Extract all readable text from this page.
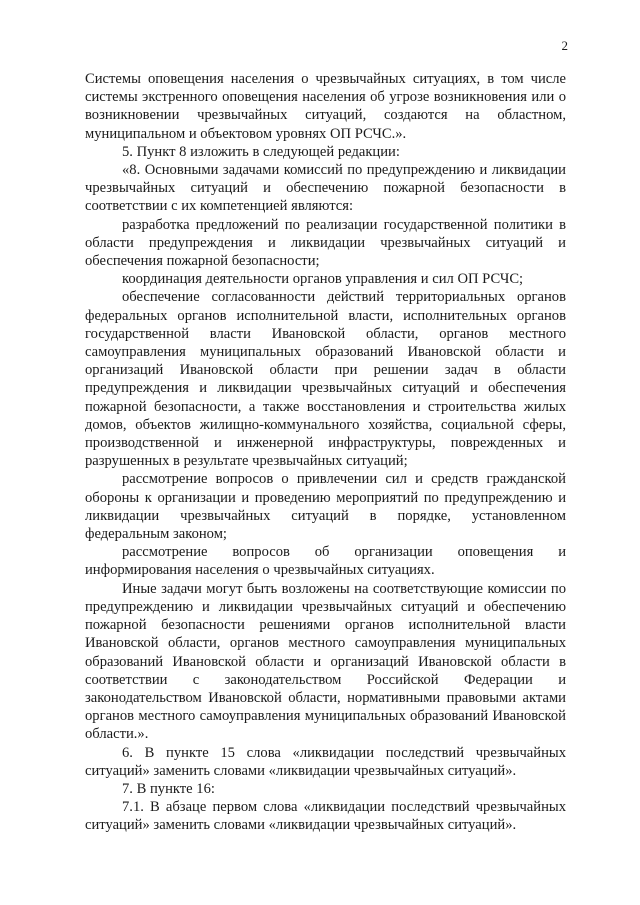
2

Системы оповещения населения о чрезвычайных ситуациях, в том числе системы экстренного оповещения населения об угрозе возникновения или о возникновении чрезвычайных ситуаций, создаются на областном, муниципальном и объектовом уровнях ОП РСЧС.».

5. Пункт 8 изложить в следующей редакции:

«8. Основными задачами комиссий по предупреждению и ликвидации чрезвычайных ситуаций и обеспечению пожарной безопасности в соответствии с их компетенцией являются:

разработка предложений по реализации государственной политики в области предупреждения и ликвидации чрезвычайных ситуаций и обеспечения пожарной безопасности;

координация деятельности органов управления и сил ОП РСЧС;

обеспечение согласованности действий территориальных органов федеральных органов исполнительной власти, исполнительных органов государственной власти Ивановской области, органов местного самоуправления муниципальных образований Ивановской области и организаций Ивановской области при решении задач в области предупреждения и ликвидации чрезвычайных ситуаций и обеспечения пожарной безопасности, а также восстановления и строительства жилых домов, объектов жилищно-коммунального хозяйства, социальной сферы, производственной и инженерной инфраструктуры, поврежденных и разрушенных в результате чрезвычайных ситуаций;

рассмотрение вопросов о привлечении сил и средств гражданской обороны к организации и проведению мероприятий по предупреждению и ликвидации чрезвычайных ситуаций в порядке, установленном федеральным законом;

рассмотрение вопросов об организации оповещения и информирования населения о чрезвычайных ситуациях.

Иные задачи могут быть возложены на соответствующие комиссии по предупреждению и ликвидации чрезвычайных ситуаций и обеспечению пожарной безопасности решениями органов исполнительной власти Ивановской области, органов местного самоуправления муниципальных образований Ивановской области и организаций Ивановской области в соответствии с законодательством Российской Федерации и законодательством Ивановской области, нормативными правовыми актами органов местного самоуправления муниципальных образований Ивановской области.».

6. В пункте 15 слова «ликвидации последствий чрезвычайных ситуаций» заменить словами «ликвидации чрезвычайных ситуаций».

7. В пункте 16:

7.1. В абзаце первом слова «ликвидации последствий чрезвычайных ситуаций» заменить словами «ликвидации чрезвычайных ситуаций».
